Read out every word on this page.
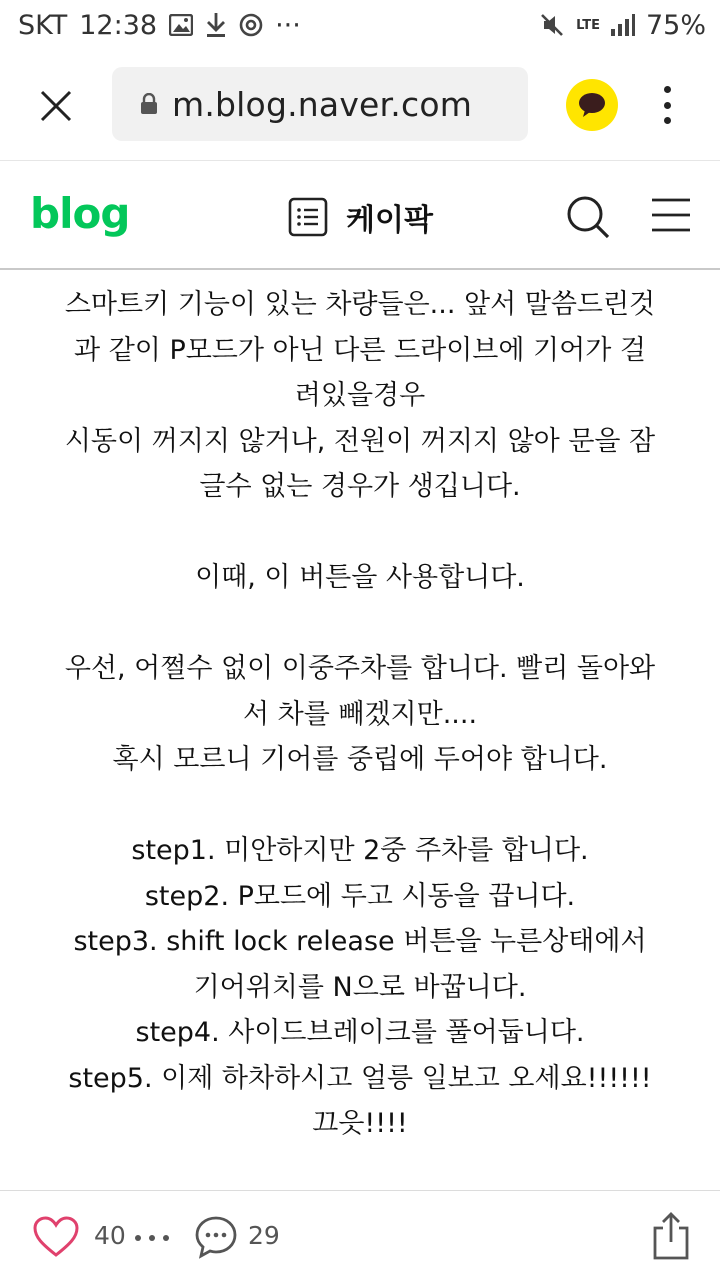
SKT 12:38	···	LTE 75%
m.blog.naver.com
blog	케이팍

스마트키 기능이 있는 차량들은... 앞서 말씀드린것

과 같이 P모드가 아닌 다른 드라이브에 기어가 걸

려있을경우

시동이 꺼지지 않거나, 전원이 꺼지지 않아 문을 잠

글수 없는 경우가 생깁니다.

이때, 이 버튼을 사용합니다.

우선, 어쩔수 없이 이중주차를 합니다. 빨리 돌아와

서 차를 빼겠지만....

혹시 모르니 기어를 중립에 두어야 합니다.

step1. 미안하지만 2중 주차를 합니다.

step2. P모드에 두고 시동을 끕니다.

step3. shift lock release 버튼을 누른상태에서

기어위치를 N으로 바꿉니다.

step4. 사이드브레이크를 풀어둡니다.

step5. 이제 하차하시고 얼릉 일보고 오세요!!!!!!

끄읏!!!!

40	29
